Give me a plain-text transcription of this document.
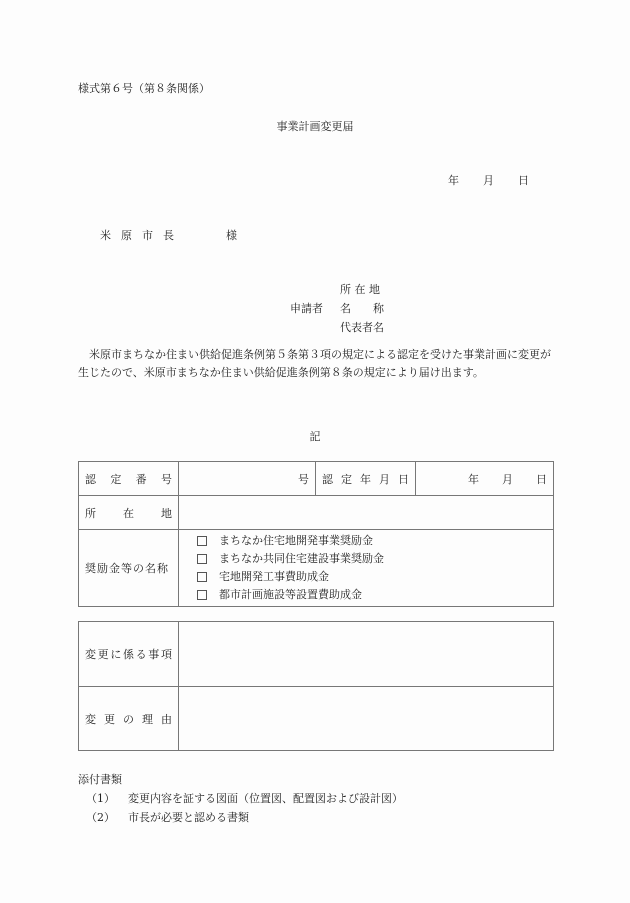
様式第６号（第８条関係）
事業計画変更届
年 月 日
米原市長	様
所 在 地
申請者	名　　称
代表者名
米原市まちなか住まい供給促進条例第５条第３項の規定による認定を受けた事業計画に変更が生じたので、米原市まちなか住まい供給促進条例第８条の規定により届け出ます。
記
認 定 番 号	号	認 定 年 月 日	年 月 日

所 在 地			

奨励金等の名称	まちなか住宅地開発事業奨励金
まちなか共同住宅建設事業奨励金
宅地開発工事費助成金
都市計画施設等設置費助成金		
変 更 に 係 る 事 項

変 更 の 理 由	

添付書類
（1） 変更内容を証する図面（位置図、配置図および設計図）
（2） 市長が必要と認める書類
